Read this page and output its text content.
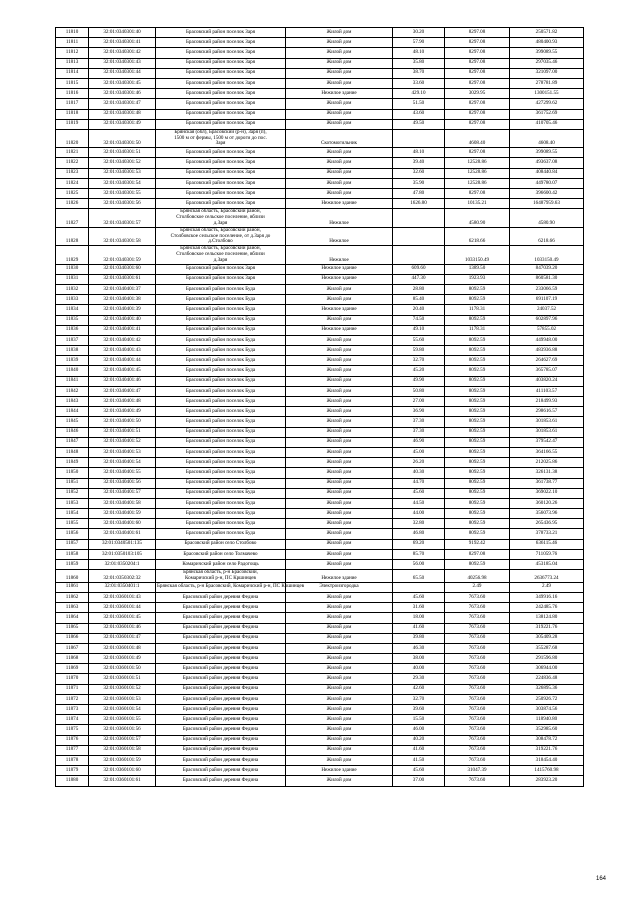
11810	32:01:0340301:40	Брасовский район поселок Заря	Жилой дом	30.20	8297.08	250571.82
11811	32:01:0340301:41	Брасовский район поселок Заря	Жилой дом	57.90	8297.08	480400.93
11812	32:01:0340301:42	Брасовский район поселок Заря	Жилой дом	48.10	8297.08	399089.55
11813	32:01:0340301:43	Брасовский район поселок Заря	Жилой дом	35.80	8297.08	297035.46
11814	32:01:0340301:44	Брасовский район поселок Заря	Жилой дом	38.70	8297.08	321097.00
11815	32:01:0340301:45	Брасовский район поселок Заря	Жилой дом	33.60	8297.08	278781.89
11816	32:01:0340301:46	Брасовский район поселок Заря	Нежилое здание	429.10	3029.95	1300151.55
11817	32:01:0340301:47	Брасовский район поселок Заря	Жилой дом	51.50	8297.08	427299.62
11818	32:01:0340301:48	Брасовский район поселок Заря	Жилой дом	43.60	8297.08	361752.69
11819	32:01:0340301:49	Брасовский район поселок Заря	Жилой дом	49.50	8297.08	410705.46
11820	32:01:0340301:50	Брянская (обл), Брасовский (р-н), Заря (п),
1500 м от фермы, 1500 м от дороги до пос.
Заря	Скотомогильник		4608.40	4608.40
11821	32:01:0340301:51	Брасовский район поселок Заря	Жилой дом	48.10	8297.08	399089.55
11822	32:01:0340301:52	Брасовский район поселок Заря	Жилой дом	39.40	12528.86	493637.08
11823	32:01:0340301:53	Брасовский район поселок Заря	Жилой дом	32.60	12528.86	408440.84
11824	32:01:0340301:54	Брасовский район поселок Заря	Жилой дом	35.90	12528.86	449780.07
11825	32:01:0340301:55	Брасовский район поселок Заря	Жилой дом	47.80	8297.08	396600.42
11826	32:01:0340301:56	Брасовский район поселок Заря	Нежилое здание	1626.80	10135.21	16487959.63
11827	32:01:0340301:57	Брянская область, Брасовский район,
Столбовское сельское поселение, вблизи
д.Заря	Нежилое		4580.90	4580.90
11828	32:01:0340301:58	Брянская область, Брасовский район,
Столбовское сельское поселение, от д.Заря до
д.Столбово	Нежилое		6218.66	6218.66
11829	32:01:0340301:59	Брянская область, Брасовский район,
Столбовское сельское поселение, вблизи
д.Заря	Нежилое		1033150.49	1033150.49
11830	32:01:0340301:60	Брасовский район поселок Заря	Нежилое здание	609.60	1389.50	847039.20
11831	32:01:0340301:61	Брасовский район поселок Заря	Нежилое здание	447.30	1923.93	860581.30
11832	32:01:0340401:37	Брасовский район поселок Буда	Жилой дом	28.80	8092.59	233066.59
11833	32:01:0340401:38	Брасовский район поселок Буда	Жилой дом	85.40	8092.59	691107.19
11834	32:01:0340401:39	Брасовский район поселок Буда	Нежилое здание	20.40	1178.31	24037.52
11835	32:01:0340401:40	Брасовский район поселок Буда	Жилой дом	74.50	8092.59	602897.96
11836	32:01:0340401:41	Брасовский район поселок Буда	Нежилое здание	49.10	1178.31	57855.02
11837	32:01:0340401:42	Брасовский район поселок Буда	Жилой дом	55.60	8092.59	449948.00
11838	32:01:0340401:43	Брасовский район поселок Буда	Жилой дом	59.80	8092.59	483936.88
11839	32:01:0340401:44	Брасовский район поселок Буда	Жилой дом	32.70	8092.59	264627.69
11840	32:01:0340401:45	Брасовский район поселок Буда	Жилой дом	45.20	8092.59	365785.07
11841	32:01:0340401:46	Брасовский район поселок Буда	Жилой дом	49.90	8092.59	403820.24
11842	32:01:0340401:47	Брасовский район поселок Буда	Жилой дом	50.80	8092.59	411103.57
11843	32:01:0340401:48	Брасовский район поселок Буда	Жилой дом	27.00	8092.59	218499.93
11844	32:01:0340401:49	Брасовский район поселок Буда	Жилой дом	36.90	8092.59	298616.57
11845	32:01:0340401:50	Брасовский район поселок Буда	Жилой дом	37.30	8092.59	301853.61
11846	32:01:0340401:51	Брасовский район поселок Буда	Жилой дом	37.30	8092.59	301853.61
11847	32:01:0340401:52	Брасовский район поселок Буда	Жилой дом	46.90	8092.59	379542.47
11848	32:01:0340401:53	Брасовский район поселок Буда	Жилой дом	45.00	8092.59	364166.55
11849	32:01:0340401:54	Брасовский район поселок Буда	Жилой дом	26.20	8092.59	212025.86
11850	32:01:0340401:55	Брасовский район поселок Буда	Жилой дом	40.30	8092.59	326131.38
11851	32:01:0340401:56	Брасовский район поселок Буда	Жилой дом	44.70	8092.59	361738.77
11852	32:01:0340401:57	Брасовский район поселок Буда	Жилой дом	45.60	8092.59	369022.10
11853	32:01:0340401:58	Брасовский район поселок Буда	Жилой дом	44.50	8092.59	360120.26
11854	32:01:0340401:59	Брасовский район поселок Буда	Жилой дом	44.00	8092.59	356073.96
11855	32:01:0340401:60	Брасовский район поселок Буда	Жилой дом	32.80	8092.59	265436.95
11856	32:01:0340401:61	Брасовский район поселок Буда	Жилой дом	46.80	8092.59	378733.21
11857	32:01:0340501:135	Брасовский район село Столбово	Жилой дом	69.20	9192.42	636115.46
11858	32:01:0350103:105	Брасовский район село Толмачево	Жилой дом	85.70	8297.08	711059.76
11859	32:01:0350204:1	Комаричский район село Радогощь	Жилой дом	56.00	8092.59	453185.04
11860	32:01:0350302:32	Брянская область, р-н Брасовский,
Комаричский р-н, ПС Кршинцев	Нежилое здание	65.50	40256.98	2636773.24
11861	32:01:0350401:1	Брянская область, р-н Брасовский, Комаричский р-н, ПС Кршинцев	Электроизгородка		2.49	2.49
11862	32:01:0360101:43	Брасовский район деревня Федина	Жилой дом	45.60	7673.60	349916.16
11863	32:01:0360101:44	Брасовский район деревня Федина	Жилой дом	31.60	7673.60	242485.76
11864	32:01:0360101:45	Брасовский район деревня Федина	Жилой дом	18.00	7673.60	138124.80
11865	32:01:0360101:46	Брасовский район деревня Федина	Жилой дом	41.60	7673.60	319221.76
11866	32:01:0360101:47	Брасовский район деревня Федина	Жилой дом	39.80	7673.60	305409.28
11867	32:01:0360101:48	Брасовский район деревня Федина	Жилой дом	46.30	7673.60	355287.68
11868	32:01:0360101:49	Брасовский район деревня Федина	Жилой дом	38.00	7673.60	291596.80
11869	32:01:0360101:50	Брасовский район деревня Федина	Жилой дом	40.00	7673.60	306944.00
11870	32:01:0360101:51	Брасовский район деревня Федина	Жилой дом	29.30	7673.60	224836.48
11871	32:01:0360101:52	Брасовский район деревня Федина	Жилой дом	42.60	7673.60	326895.36
11872	32:01:0360101:53	Брасовский район деревня Федина	Жилой дом	32.70	7673.60	250926.72
11873	32:01:0360101:54	Брасовский район деревня Федина	Жилой дом	39.60	7673.60	303874.56
11874	32:01:0360101:55	Брасовский район деревня Федина	Жилой дом	15.50	7673.60	118940.80
11875	32:01:0360101:56	Брасовский район деревня Федина	Жилой дом	46.00	7673.60	352985.60
11876	32:01:0360101:57	Брасовский район деревня Федина	Жилой дом	40.20	7673.60	308478.72
11877	32:01:0360101:58	Брасовский район деревня Федина	Жилой дом	41.60	7673.60	319221.76
11878	32:01:0360101:59	Брасовский район деревня Федина	Жилой дом	41.50	7673.60	318454.40
11879	32:01:0360101:60	Брасовский район деревня Федина	Нежилое здание	45.60	31047.39	1415760.98
11880	32:01:0360101:61	Брасовский район деревня Федина	Жилой дом	37.00	7673.60	283923.20
164
